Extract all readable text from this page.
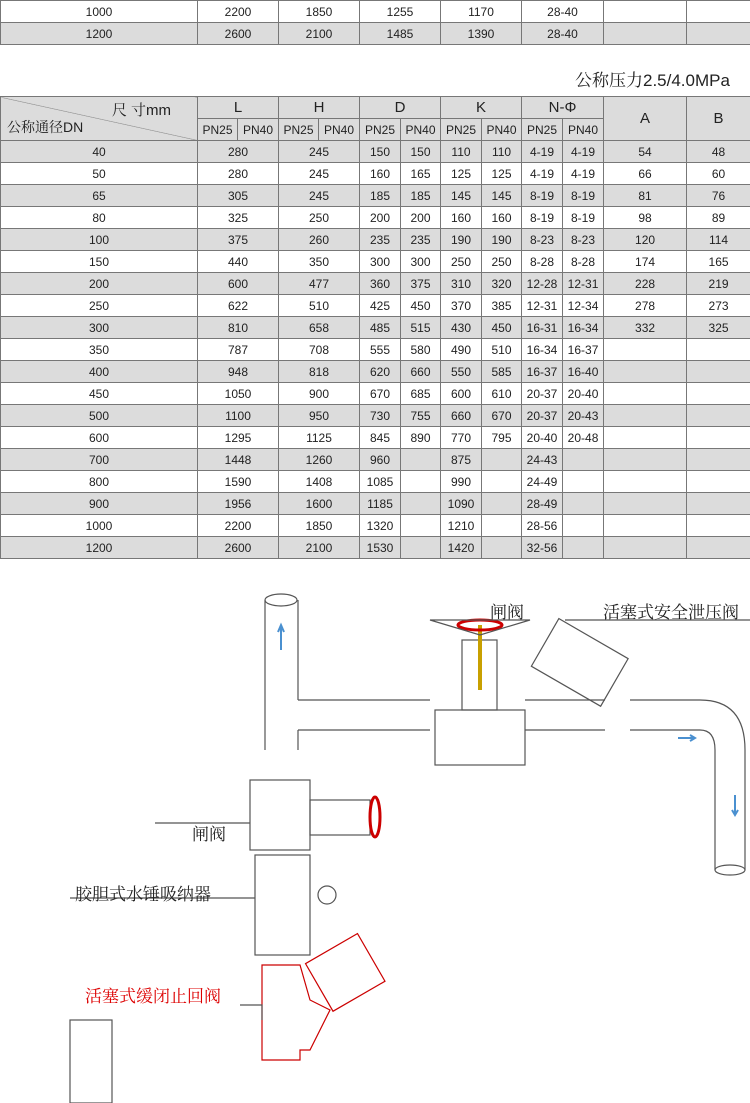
1000	2200	1850	1255	1170	28-40		
1200	2600	2100	1485	1390	28-40		
公称压力2.5/4.0MPa
尺 寸mm
公称通径DN	L		H		D		K		N-Φ		A	B
	PN25	PN40	PN25	PN40	PN25	PN40	PN25	PN40	PN25	PN40		
40	280		245		150	150	110	110	4-19	4-19	54	48
50	280		245		160	165	125	125	4-19	4-19	66	60
65	305		245		185	185	145	145	8-19	8-19	81	76
80	325		250		200	200	160	160	8-19	8-19	98	89
100	375		260		235	235	190	190	8-23	8-23	120	114
150	440		350		300	300	250	250	8-28	8-28	174	165
200	600		477		360	375	310	320	12-28	12-31	228	219
250	622		510		425	450	370	385	12-31	12-34	278	273
300	810		658		485	515	430	450	16-31	16-34	332	325
350	787		708		555	580	490	510	16-34	16-37		
400	948		818		620	660	550	585	16-37	16-40		
450	1050		900		670	685	600	610	20-37	20-40		
500	1100		950		730	755	660	670	20-37	20-43		
600	1295		1125		845	890	770	795	20-40	20-48		
700	1448		1260		960		875		24-43			
800	1590		1408		1085		990		24-49			
900	1956		1600		1185		1090		28-49			
1000	2200		1850		1320		1210		28-56			
1200	2600		2100		1530		1420		32-56			
闸阀	活塞式安全泄压阀
闸阀
胶胆式水锤吸纳器
活塞式缓闭止回阀
